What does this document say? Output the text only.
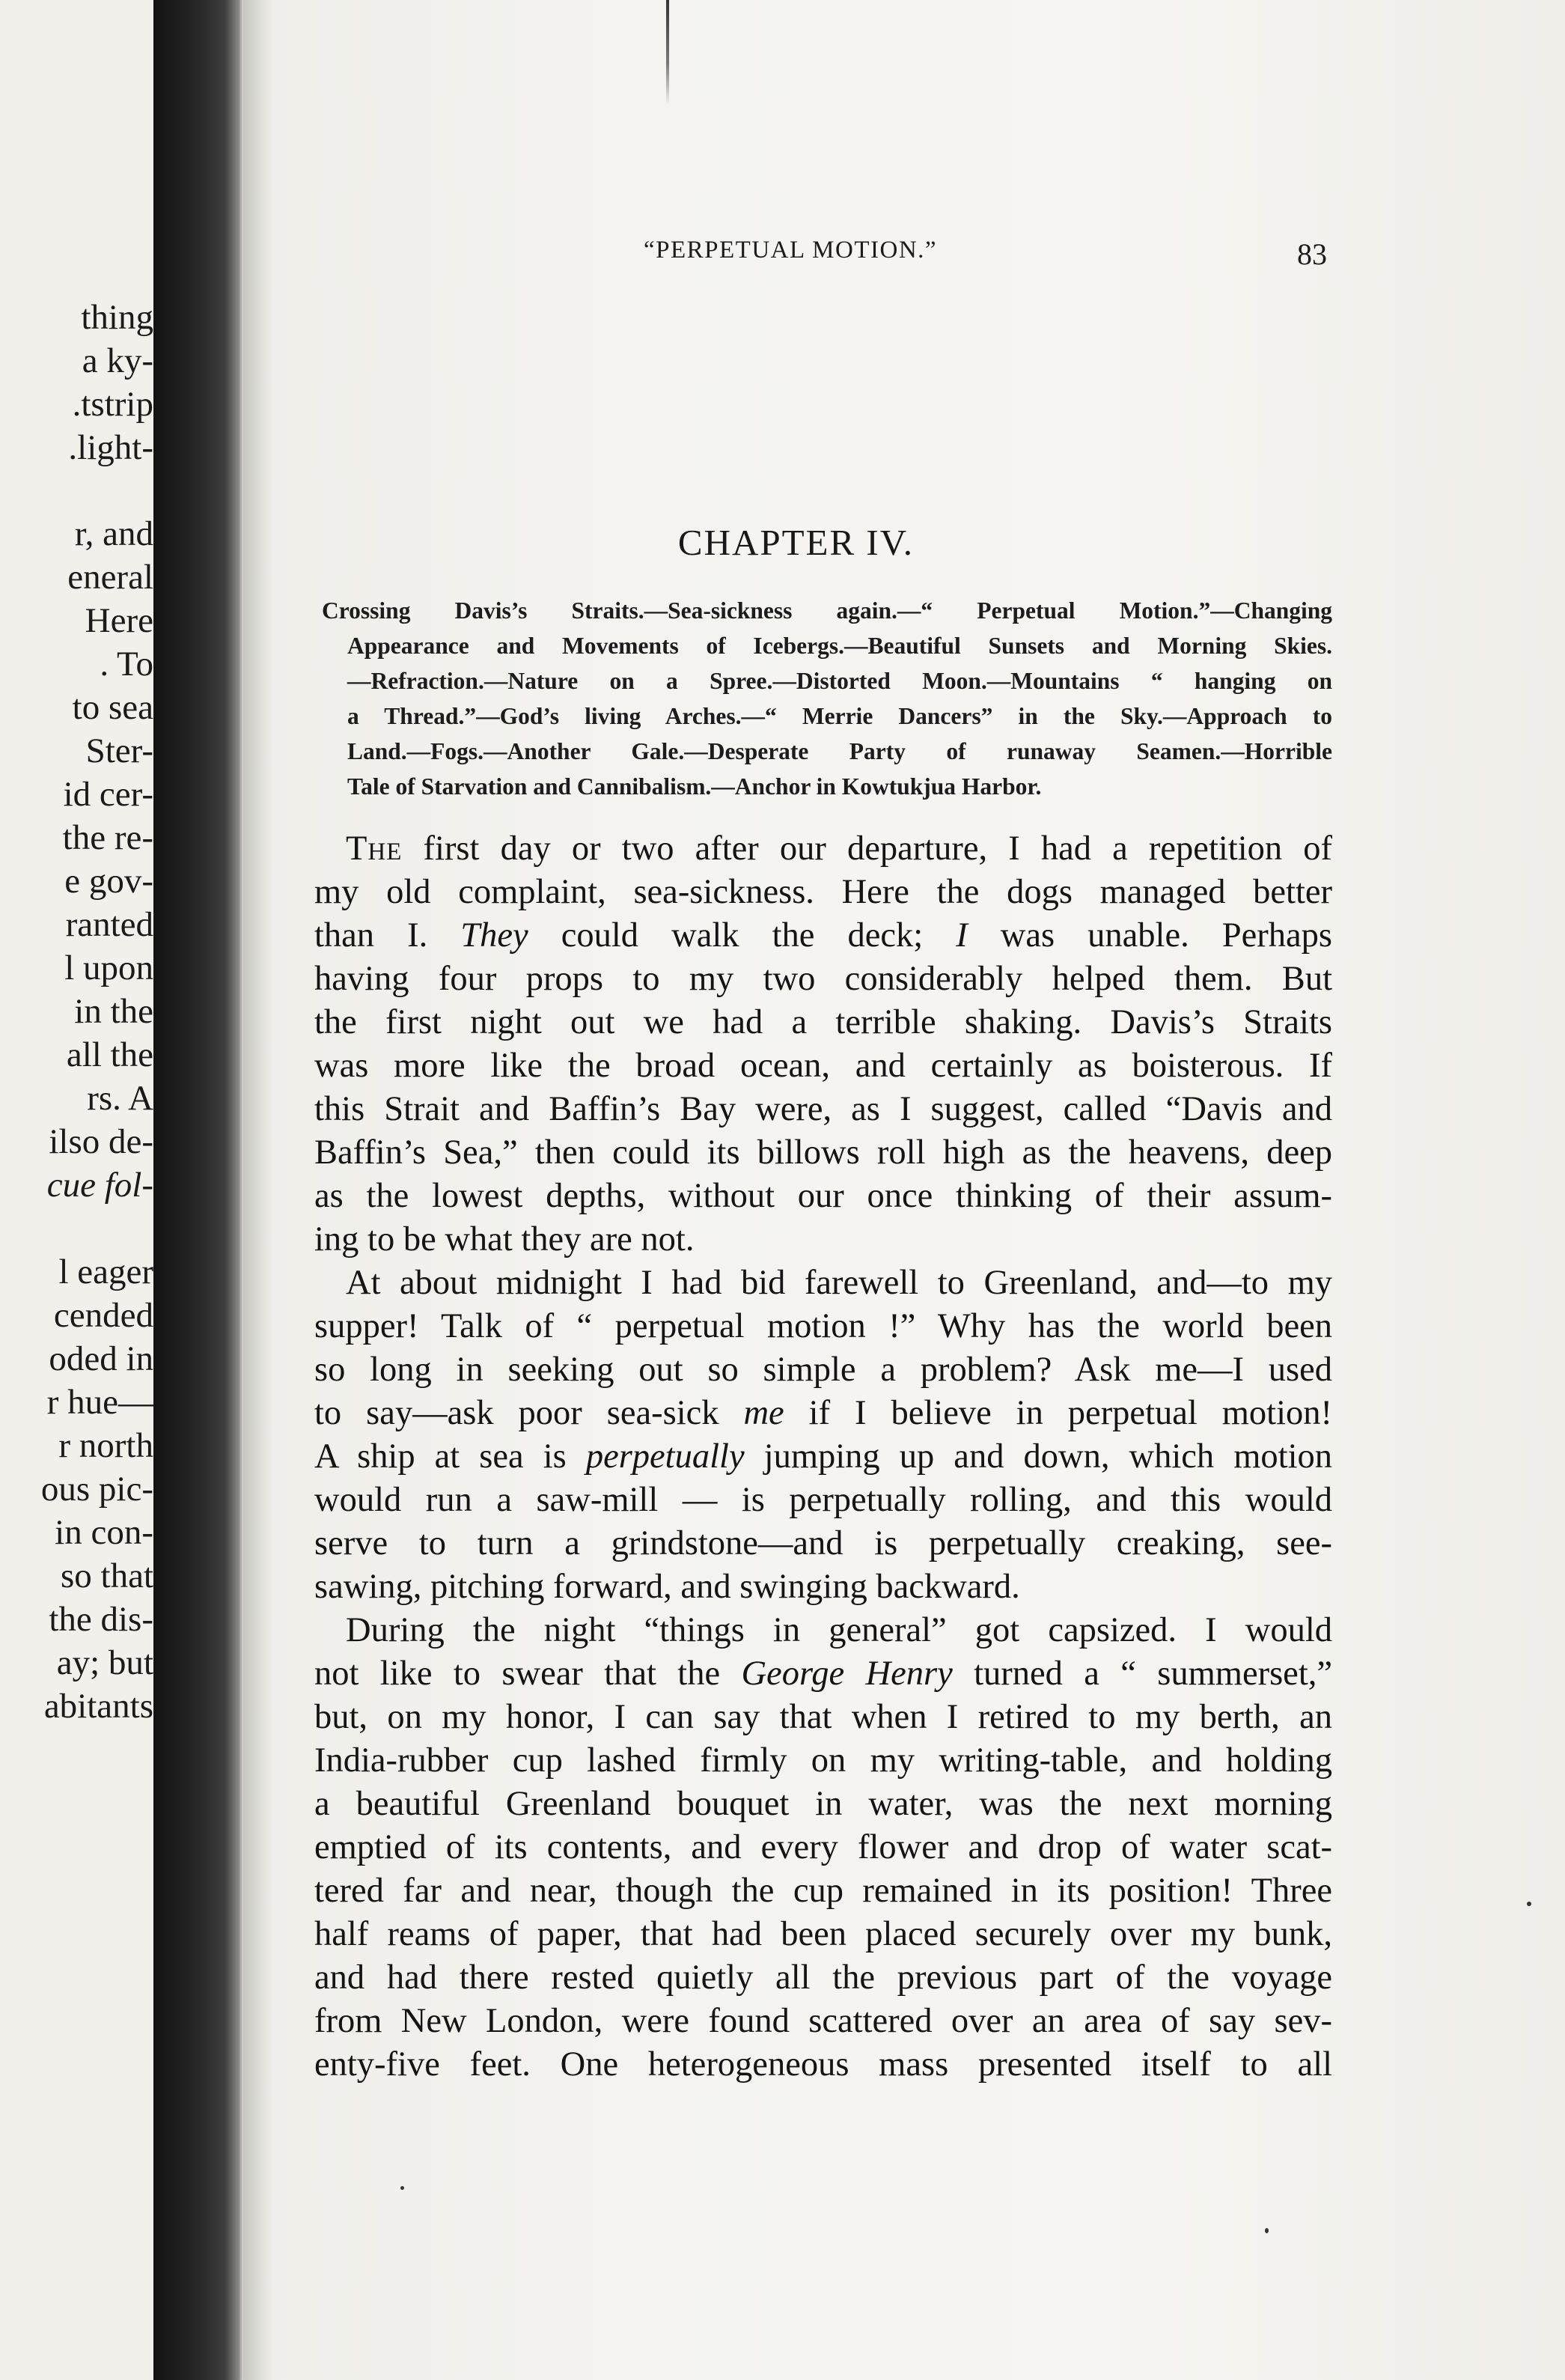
thing
a ky-
.tstrip
.light-
r, and
eneral
Here
. To
to sea
Ster-
id cer-
the re-
e gov-
ranted
l upon
in the
all the
rs. A
ilso de-
cue fol-
l eager
cended
oded in
r hue—
r north
ous pic-
in con-
so that
the dis-
ay; but
abitants
“PERPETUAL MOTION.”	83
CHAPTER IV.
Crossing Davis’s Straits.—Sea-sickness again.—“ Perpetual Motion.”—Changing
Appearance and Movements of Icebergs.—Beautiful Sunsets and Morning Skies.
—Refraction.—Nature on a Spree.—Distorted Moon.—Mountains “ hanging on
a Thread.”—God’s living Arches.—“ Merrie Dancers” in the Sky.—Approach to
Land.—Fogs.—Another Gale.—Desperate Party of runaway Seamen.—Horrible
Tale of Starvation and Cannibalism.—Anchor in Kowtukjua Harbor.
The first day or two after our departure, I had a repetition of
my old complaint, sea-sickness. Here the dogs managed better
than I. They could walk the deck; I was unable. Perhaps
having four props to my two considerably helped them. But
the first night out we had a terrible shaking. Davis’s Straits
was more like the broad ocean, and certainly as boisterous. If
this Strait and Baffin’s Bay were, as I suggest, called “Davis and
Baffin’s Sea,” then could its billows roll high as the heavens, deep
as the lowest depths, without our once thinking of their assum-
ing to be what they are not.
At about midnight I had bid farewell to Greenland, and—to my
supper! Talk of “ perpetual motion !” Why has the world been
so long in seeking out so simple a problem? Ask me—I used
to say—ask poor sea-sick me if I believe in perpetual motion!
A ship at sea is perpetually jumping up and down, which motion
would run a saw-mill — is perpetually rolling, and this would
serve to turn a grindstone—and is perpetually creaking, see-
sawing, pitching forward, and swinging backward.
During the night “things in general” got capsized. I would
not like to swear that the George Henry turned a “ summerset,”
but, on my honor, I can say that when I retired to my berth, an
India-rubber cup lashed firmly on my writing-table, and holding
a beautiful Greenland bouquet in water, was the next morning
emptied of its contents, and every flower and drop of water scat-
tered far and near, though the cup remained in its position! Three
half reams of paper, that had been placed securely over my bunk,
and had there rested quietly all the previous part of the voyage
from New London, were found scattered over an area of say sev-
enty-five feet. One heterogeneous mass presented itself to all
